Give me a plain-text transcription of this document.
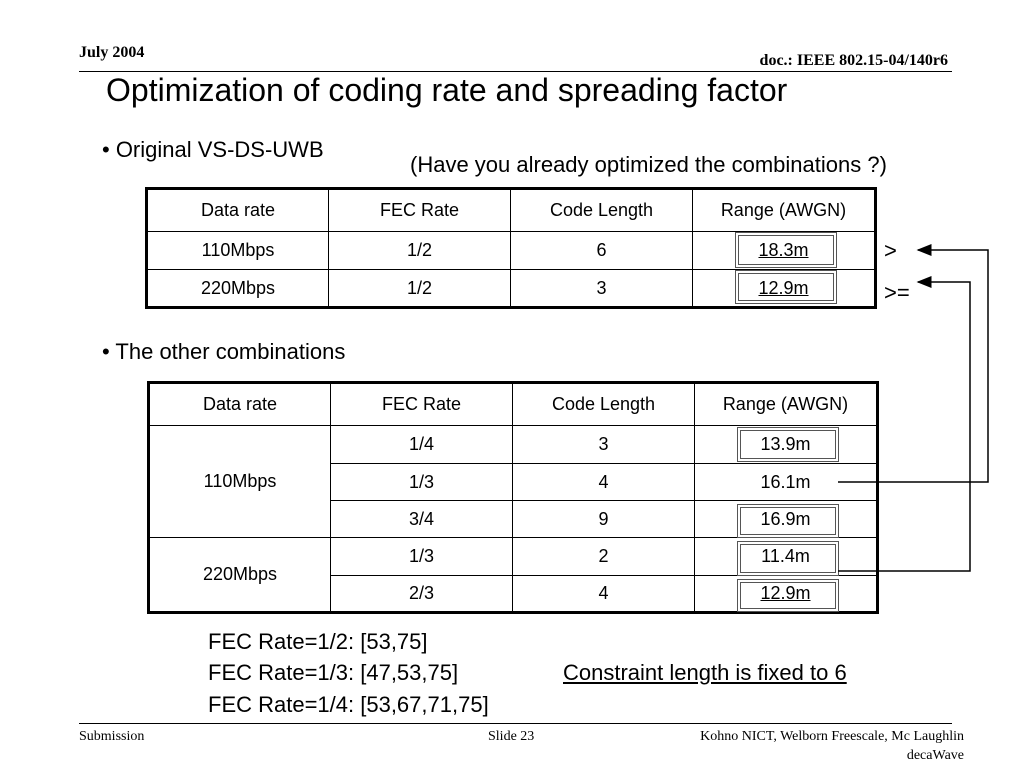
July 2004	doc.: IEEE 802.15-04/140r6
Optimization of coding rate and spreading factor
• Original VS-DS-UWB
(Have you already optimized the combinations ?)
Data rate	FEC Rate	Code Length	Range (AWGN)
110Mbps	1/2	6	18.3m
220Mbps	1/2	3	12.9m
>
>=
• The other combinations
Data rate	FEC Rate	Code Length	Range (AWGN)
110Mbps	1/4	3	13.9m
	1/3	4	16.1m
	3/4	9	16.9m
220Mbps	1/3	2	11.4m
	2/3	4	12.9m
FEC Rate=1/2: [53,75]
FEC Rate=1/3: [47,53,75]
FEC Rate=1/4: [53,67,71,75]
Constraint length is fixed to 6
Submission	Slide 23	Kohno NICT, Welborn Freescale, Mc Laughlin
decaWave
